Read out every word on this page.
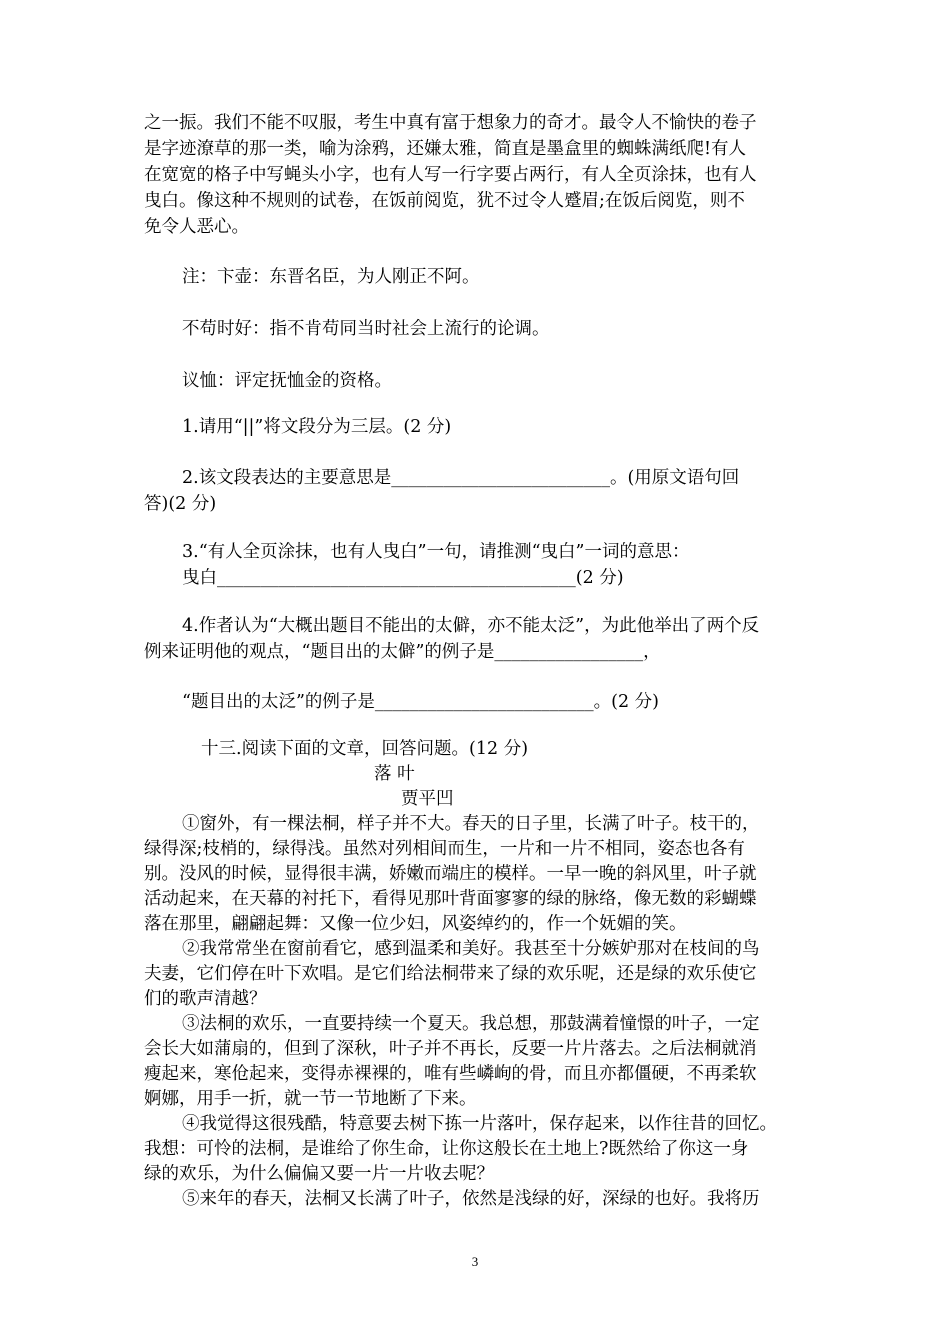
之一振。我们不能不叹服，考生中真有富于想象力的奇才。最令人不愉快的卷子
是字迹潦草的那一类，喻为涂鸦，还嫌太雅，简直是墨盒里的蜘蛛满纸爬!有人
在宽宽的格子中写蝇头小字，也有人写一行字要占两行，有人全页涂抹，也有人
曳白。像这种不规则的试卷，在饭前阅览，犹不过令人蹙眉;在饭后阅览，则不
免令人恶心。
注：卞壶：东晋名臣，为人刚正不阿。
不苟时好：指不肯苟同当时社会上流行的论调。
议恤：评定抚恤金的资格。
1.请用“||”将文段分为三层。(2 分)
2.该文段表达的主要意思是_________________________。(用原文语句回
答)(2 分)
3.“有人全页涂抹，也有人曳白”一句，请推测“曳白”一词的意思：
曳白_________________________________________(2 分)
4.作者认为“大概出题目不能出的太僻，亦不能太泛”，为此他举出了两个反
例来证明他的观点，“题目出的太僻”的例子是_________________，
“题目出的太泛”的例子是_________________________。(2 分)
十三.阅读下面的文章，回答问题。(12 分)
落 叶
贾平凹
①窗外，有一棵法桐，样子并不大。春天的日子里，长满了叶子。枝干的，
绿得深;枝梢的，绿得浅。虽然对列相间而生，一片和一片不相同，姿态也各有
别。没风的时候，显得很丰满，娇嫩而端庄的模样。一早一晚的斜风里，叶子就
活动起来，在天幕的衬托下，看得见那叶背面寥寥的绿的脉络，像无数的彩蝴蝶
落在那里，翩翩起舞：又像一位少妇，风姿绰约的，作一个妩媚的笑。
②我常常坐在窗前看它，感到温柔和美好。我甚至十分嫉妒那对在枝间的鸟
夫妻，它们停在叶下欢唱。是它们给法桐带来了绿的欢乐呢，还是绿的欢乐使它
们的歌声清越？
③法桐的欢乐，一直要持续一个夏天。我总想，那鼓满着憧憬的叶子，一定
会长大如蒲扇的，但到了深秋，叶子并不再长，反要一片片落去。之后法桐就消
瘦起来，寒伧起来，变得赤裸裸的，唯有些嶙峋的骨，而且亦都僵硬，不再柔软
婀娜，用手一折，就一节一节地断了下来。
④我觉得这很残酷，特意要去树下拣一片落叶，保存起来，以作往昔的回忆。
我想：可怜的法桐，是谁给了你生命，让你这般长在土地上?既然给了你这一身
绿的欢乐，为什么偏偏又要一片一片收去呢？
⑤来年的春天，法桐又长满了叶子，依然是浅绿的好，深绿的也好。我将历
3
